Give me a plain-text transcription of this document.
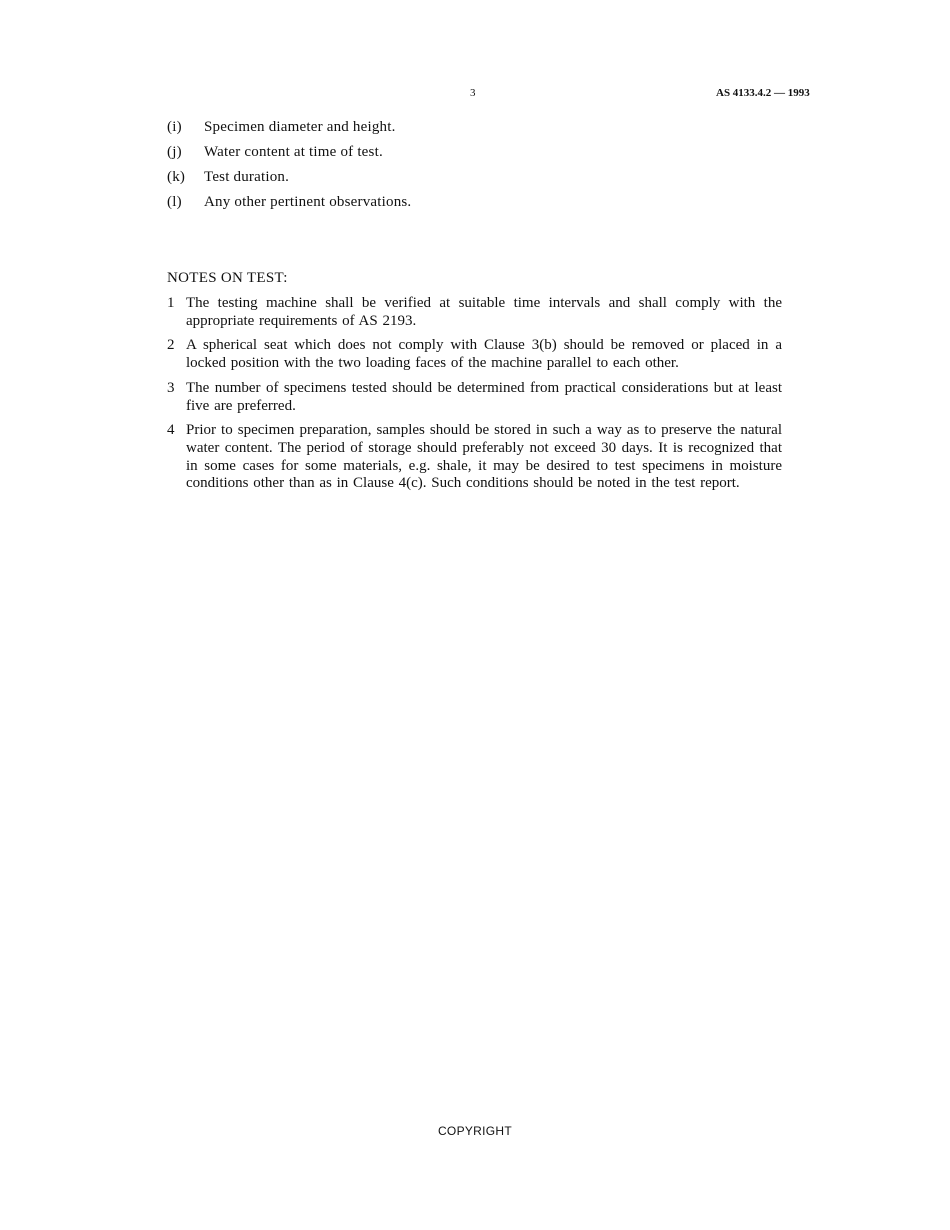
3	AS 4133.4.2 — 1993
(i)	Specimen diameter and height.
(j)	Water content at time of test.
(k)	Test duration.
(l)	Any other pertinent observations.
NOTES ON TEST:
1 The testing machine shall be verified at suitable time intervals and shall comply with the appropriate requirements of AS 2193.
2 A spherical seat which does not comply with Clause 3(b) should be removed or placed in a locked position with the two loading faces of the machine parallel to each other.
3 The number of specimens tested should be determined from practical considerations but at least five are preferred.
4 Prior to specimen preparation, samples should be stored in such a way as to preserve the natural water content. The period of storage should preferably not exceed 30 days. It is recognized that in some cases for some materials, e.g. shale, it may be desired to test specimens in moisture conditions other than as in Clause 4(c). Such conditions should be noted in the test report.
COPYRIGHT
